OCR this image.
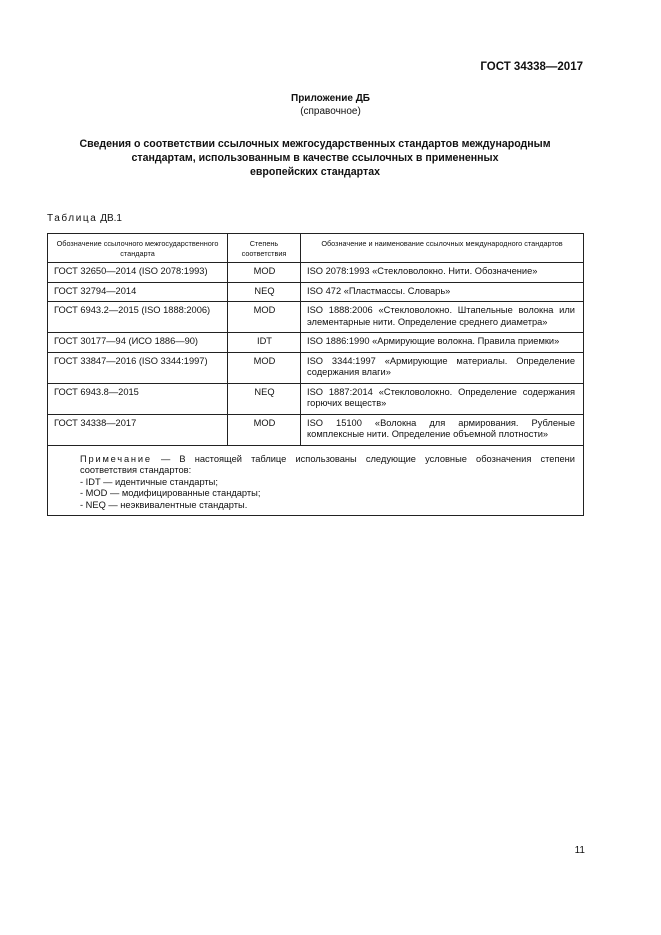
ГОСТ 34338—2017
Приложение ДБ
(справочное)
Сведения о соответствии ссылочных межгосударственных стандартов международным
стандартам, использованным в качестве ссылочных в примененных
европейских стандартах
Таблица ДВ.1
Обозначение ссылочного межгосударственного стандарта	Степень соответствия	Обозначение и наименование ссылочных международного стандартов
ГОСТ 32650—2014 (ISO 2078:1993)	MOD	ISO 2078:1993 «Стекловолокно. Нити. Обозначение»
ГОСТ 32794—2014	NEQ	ISO 472 «Пластмассы. Словарь»
ГОСТ 6943.2—2015 (ISO 1888:2006)	MOD	ISO 1888:2006 «Стекловолокно. Штапельные волокна или элементарные нити. Определение среднего диаметра»
ГОСТ 30177—94 (ИСО 1886—90)	IDT	ISO 1886:1990 «Армирующие волокна. Правила приемки»
ГОСТ 33847—2016 (ISO 3344:1997)	MOD	ISO 3344:1997 «Армирующие материалы. Определение содержания влаги»
ГОСТ 6943.8—2015	NEQ	ISO 1887:2014 «Стекловолокно. Определение содержания горючих веществ»
ГОСТ 34338—2017	MOD	ISO 15100 «Волокна для армирования. Рубленые комплексные нити. Определение объемной плотности»

Примечание — В настоящей таблице использованы следующие условные обозначения степени соответствия стандартов:
- IDT — идентичные стандарты;
- MOD — модифицированные стандарты;
- NEQ — неэквивалентные стандарты.		
11
